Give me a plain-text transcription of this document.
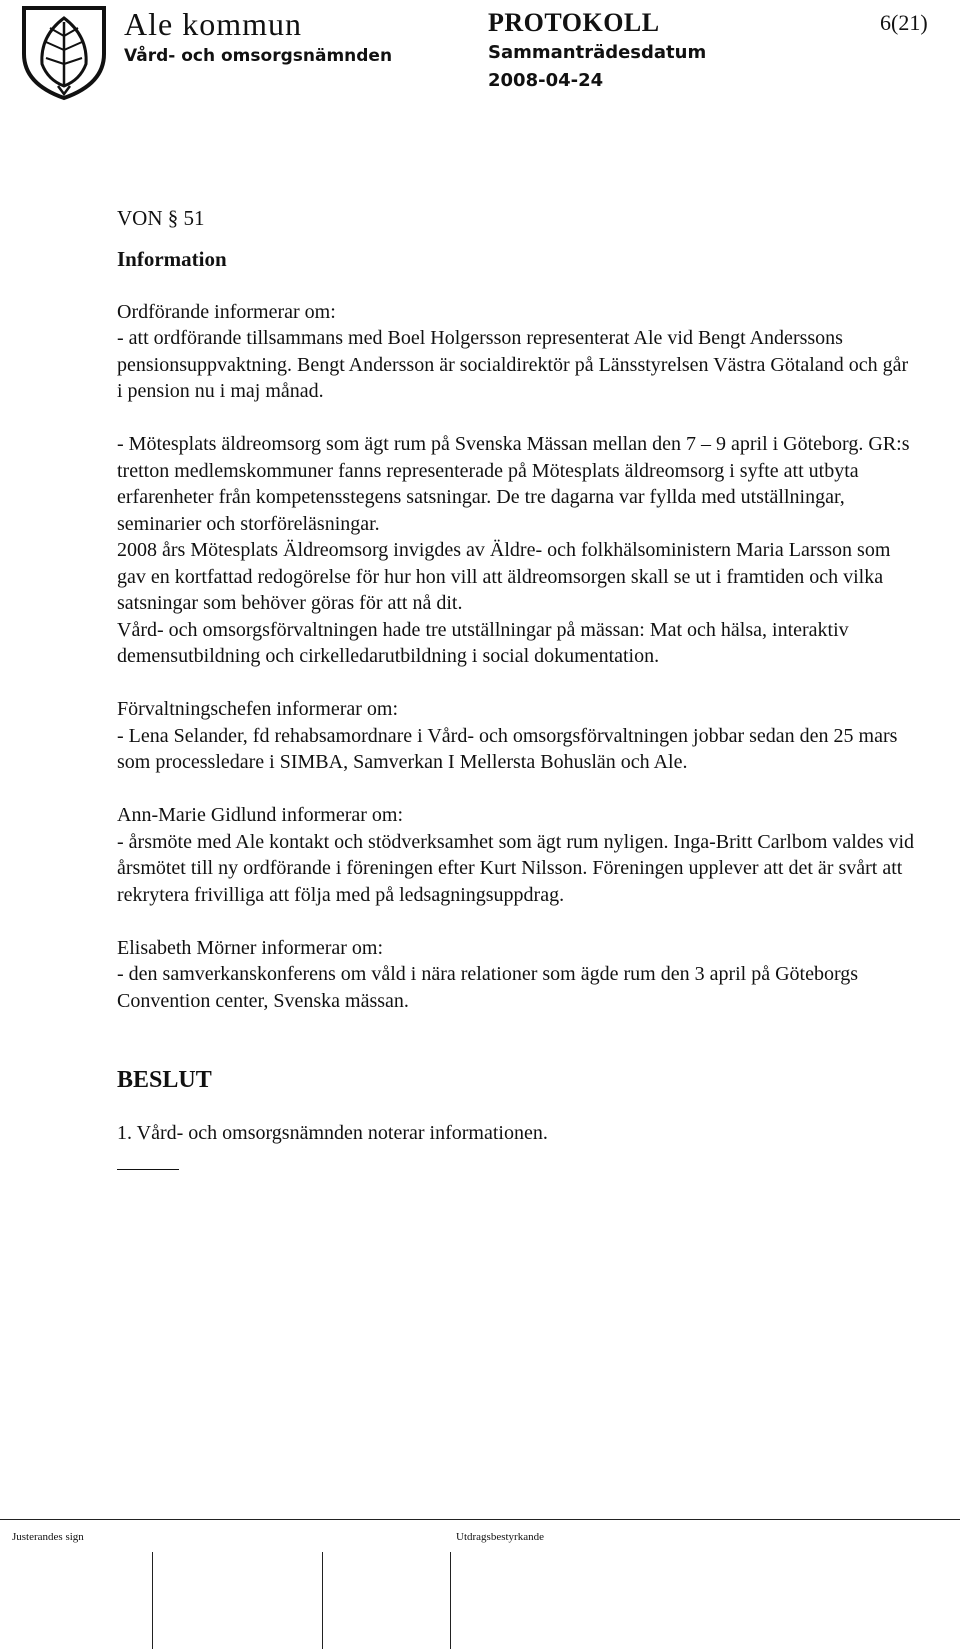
Ale kommun
Vård- och omsorgsnämnden
PROTOKOLL
Sammanträdesdatum
2008-04-24
6(21)

VON § 51

Information

Ordförande informerar om:

- att ordförande tillsammans med Boel Holgersson representerat Ale vid Bengt Anderssons pensionsuppvaktning. Bengt Andersson är socialdirektör på Länsstyrelsen Västra Götaland och går i pension nu i maj månad.

- Mötesplats äldreomsorg som ägt rum på Svenska Mässan mellan den 7 – 9 april i Göteborg. GR:s tretton medlemskommuner fanns representerade på Mötesplats äldreomsorg i syfte att utbyta erfarenheter från kompetensstegens satsningar. De tre dagarna var fyllda med utställningar, seminarier och storföreläsningar.

2008 års Mötesplats Äldreomsorg invigdes av Äldre- och folkhälsoministern Maria Larsson som gav en kortfattad redogörelse för hur hon vill att äldreomsorgen skall se ut i framtiden och vilka satsningar som behöver göras för att nå dit.

Vård- och omsorgsförvaltningen hade tre utställningar på mässan: Mat och hälsa, interaktiv demensutbildning och cirkelledarutbildning i social dokumentation.

Förvaltningschefen informerar om:

- Lena Selander, fd rehabsamordnare i Vård- och omsorgsförvaltningen jobbar sedan den 25 mars som processledare i SIMBA, Samverkan I Mellersta Bohuslän och Ale.

Ann-Marie Gidlund informerar om:

- årsmöte med Ale kontakt och stödverksamhet som ägt rum nyligen. Inga-Britt Carlbom valdes vid årsmötet till ny ordförande i föreningen efter Kurt Nilsson. Föreningen upplever att det är svårt att rekrytera frivilliga att följa med på ledsagningsuppdrag.

Elisabeth Mörner informerar om:

- den samverkanskonferens om våld i nära relationer som ägde rum den 3 april på Göteborgs Convention center, Svenska mässan.

BESLUT

1. Vård- och omsorgsnämnden noterar informationen.

Justerandes sign	Utdragsbestyrkande
